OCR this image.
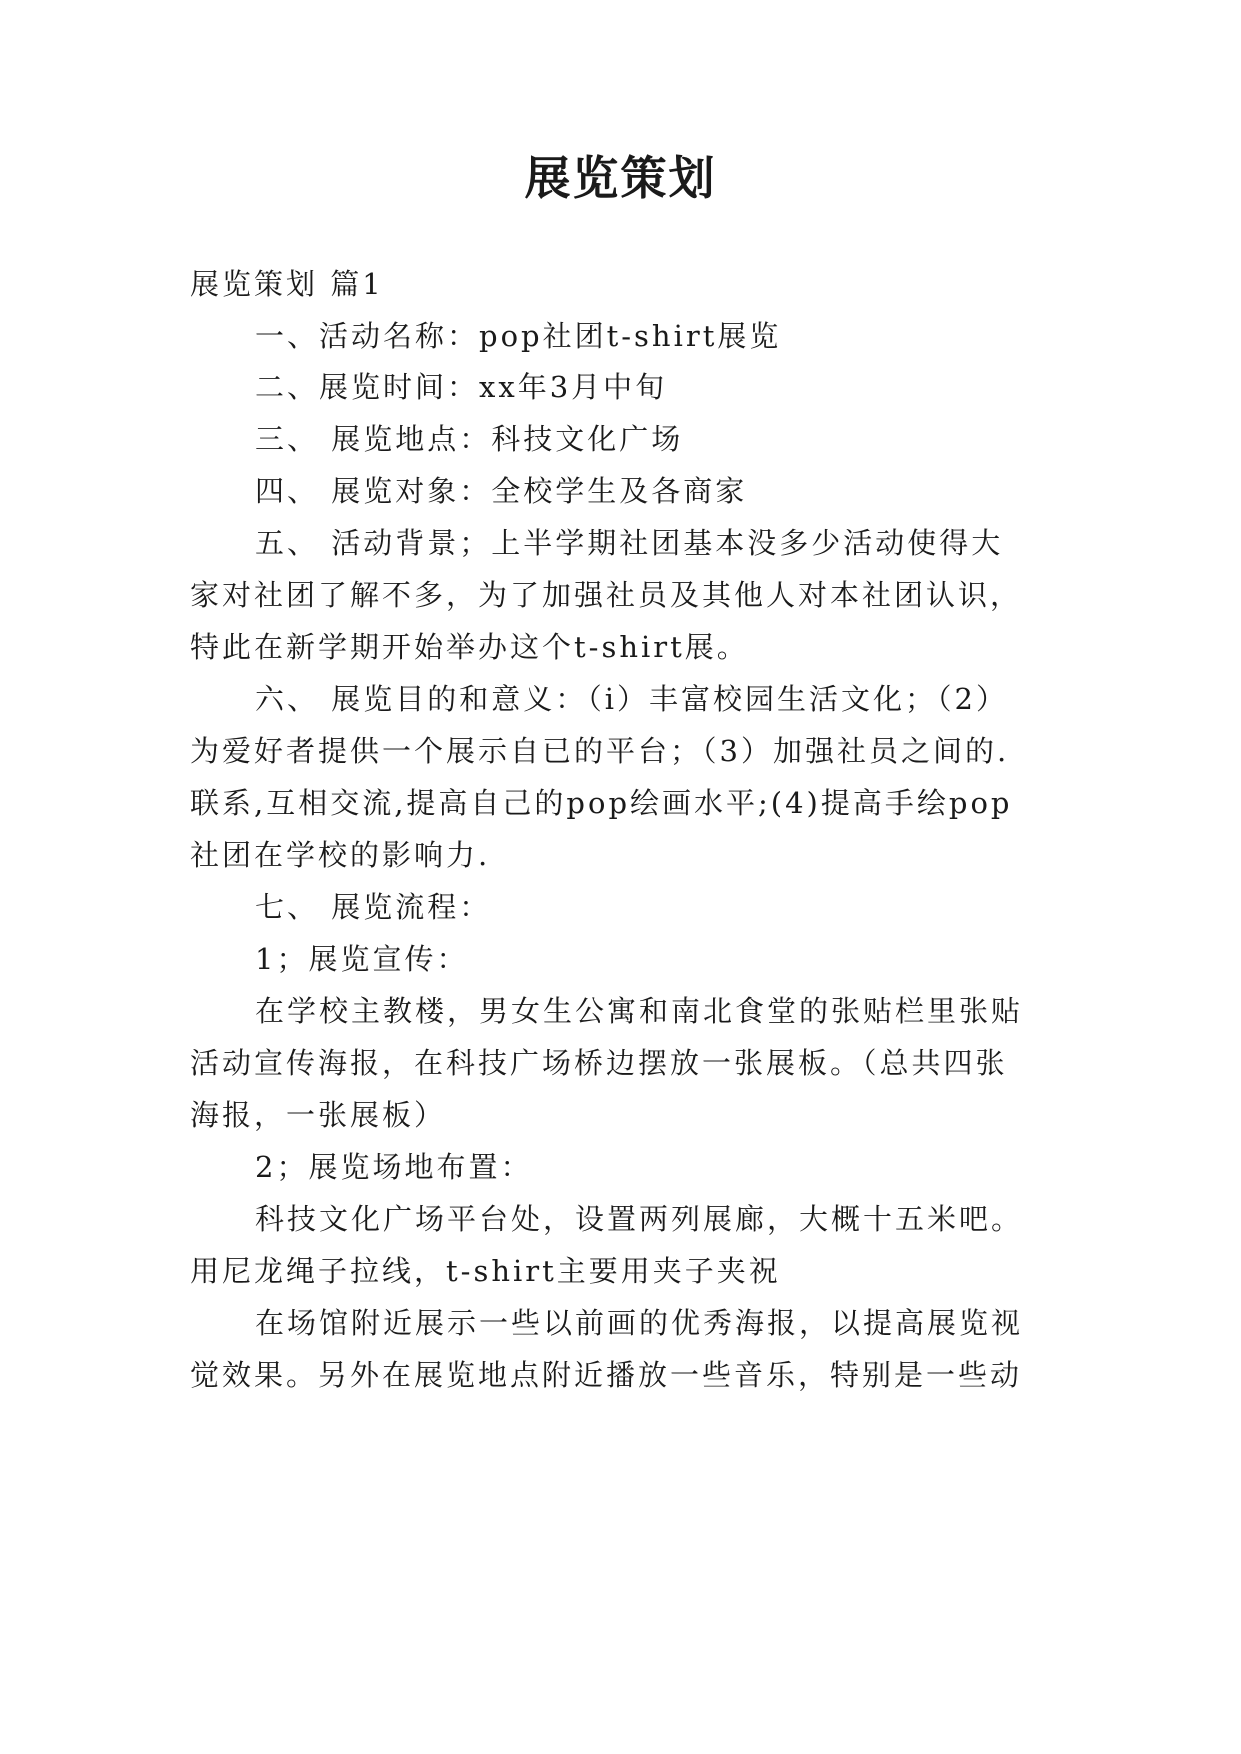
展览策划
展览策划 篇1
一、活动名称：pop社团t-shirt展览
二、展览时间：xx年3月中旬
三、 展览地点：科技文化广场
四、 展览对象：全校学生及各商家
五、 活动背景；上半学期社团基本没多少活动使得大
家对社团了解不多，为了加强社员及其他人对本社团认识，
特此在新学期开始举办这个t-shirt展。
六、 展览目的和意义：（i）丰富校园生活文化；（2）
为爱好者提供一个展示自已的平台；（3）加强社员之间的.
联系,互相交流,提高自己的pop绘画水平;(4)提高手绘pop
社团在学校的影响力.
七、 展览流程：
1；展览宣传：
在学校主教楼，男女生公寓和南北食堂的张贴栏里张贴
活动宣传海报，在科技广场桥边摆放一张展板。（总共四张
海报，一张展板）
2；展览场地布置：
科技文化广场平台处，设置两列展廊，大概十五米吧。
用尼龙绳子拉线，t-shirt主要用夹子夹祝
在场馆附近展示一些以前画的优秀海报，以提高展览视
觉效果。另外在展览地点附近播放一些音乐，特别是一些动
